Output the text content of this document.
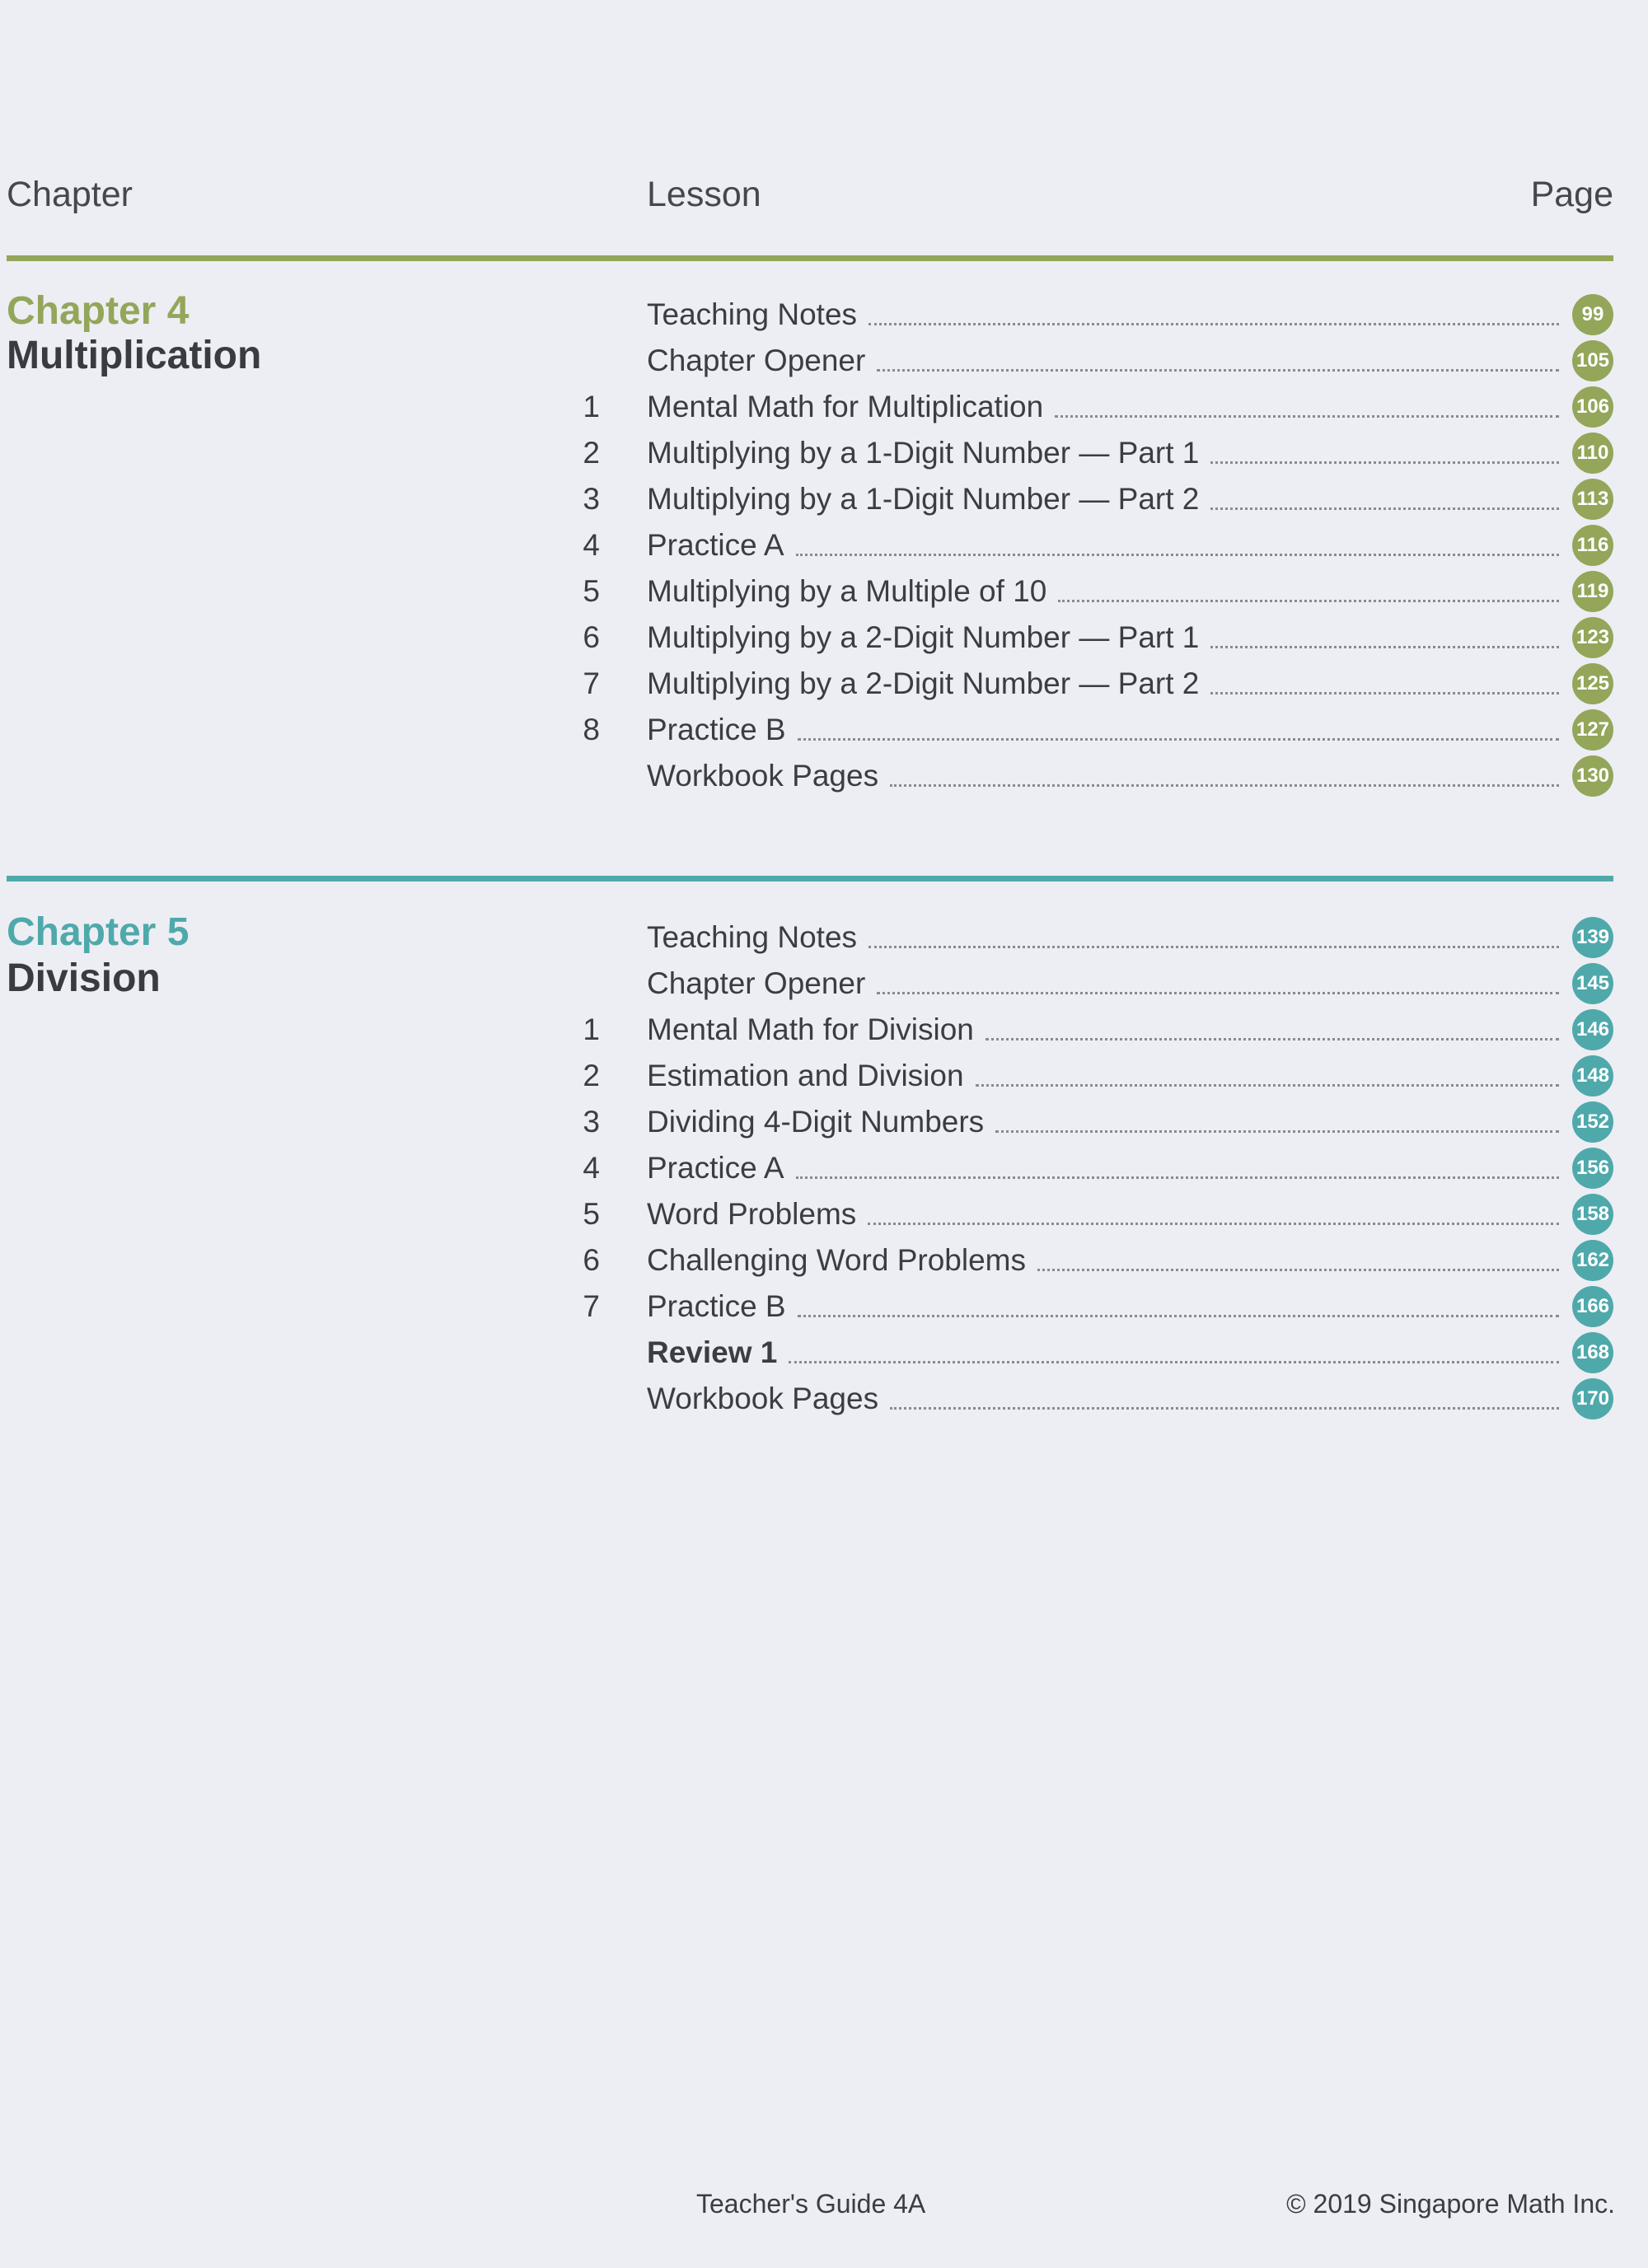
Chapter	Lesson	Page
Chapter 4
Multiplication
Teaching Notes	99
Chapter Opener	105
1 Mental Math for Multiplication	106
2 Multiplying by a 1-Digit Number — Part 1	110
3 Multiplying by a 1-Digit Number — Part 2	113
4 Practice A	116
5 Multiplying by a Multiple of 10	119
6 Multiplying by a 2-Digit Number — Part 1	123
7 Multiplying by a 2-Digit Number — Part 2	125
8 Practice B	127
Workbook Pages	130
Chapter 5
Division
Teaching Notes	139
Chapter Opener	145
1 Mental Math for Division	146
2 Estimation and Division	148
3 Dividing 4-Digit Numbers	152
4 Practice A	156
5 Word Problems	158
6 Challenging Word Problems	162
7 Practice B	166
Review 1	168
Workbook Pages	170
Teacher's Guide 4A	© 2019 Singapore Math Inc.
